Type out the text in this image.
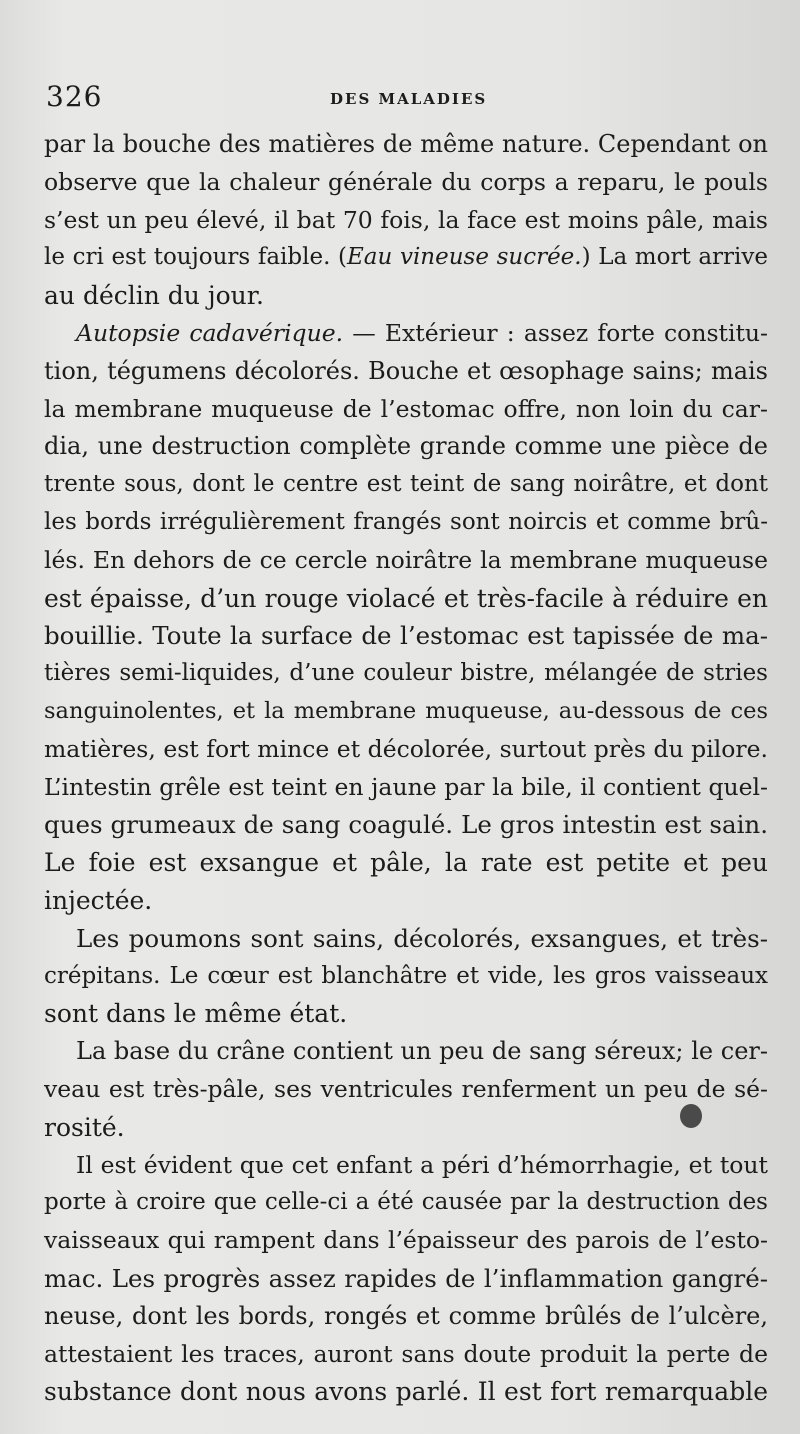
326	DES MALADIES
par la bouche des matières de même nature. Cependant on
observe que la chaleur générale du corps a reparu, le pouls
s’est un peu élevé, il bat 70 fois, la face est moins pâle, mais
le cri est toujours faible. (Eau vineuse sucrée.) La mort arrive
au déclin du jour.
Autopsie cadavérique. — Extérieur : assez forte constitu-
tion, tégumens décolorés. Bouche et œsophage sains; mais
la membrane muqueuse de l’estomac offre, non loin du car-
dia, une destruction complète grande comme une pièce de
trente sous, dont le centre est teint de sang noirâtre, et dont
les bords irrégulièrement frangés sont noircis et comme brû-
lés. En dehors de ce cercle noirâtre la membrane muqueuse
est épaisse, d’un rouge violacé et très-facile à réduire en
bouillie. Toute la surface de l’estomac est tapissée de ma-
tières semi-liquides, d’une couleur bistre, mélangée de stries
sanguinolentes, et la membrane muqueuse, au-dessous de ces
matières, est fort mince et décolorée, surtout près du pilore.
L’intestin grêle est teint en jaune par la bile, il contient quel-
ques grumeaux de sang coagulé. Le gros intestin est sain.
Le foie est exsangue et pâle, la rate est petite et peu
injectée.
Les poumons sont sains, décolorés, exsangues, et très-
crépitans. Le cœur est blanchâtre et vide, les gros vaisseaux
sont dans le même état.
La base du crâne contient un peu de sang séreux; le cer-
veau est très-pâle, ses ventricules renferment un peu de sé-
rosité.
Il est évident que cet enfant a péri d’hémorrhagie, et tout
porte à croire que celle-ci a été causée par la destruction des
vaisseaux qui rampent dans l’épaisseur des parois de l’esto-
mac. Les progrès assez rapides de l’inflammation gangré-
neuse, dont les bords, rongés et comme brûlés de l’ulcère,
attestaient les traces, auront sans doute produit la perte de
substance dont nous avons parlé. Il est fort remarquable
